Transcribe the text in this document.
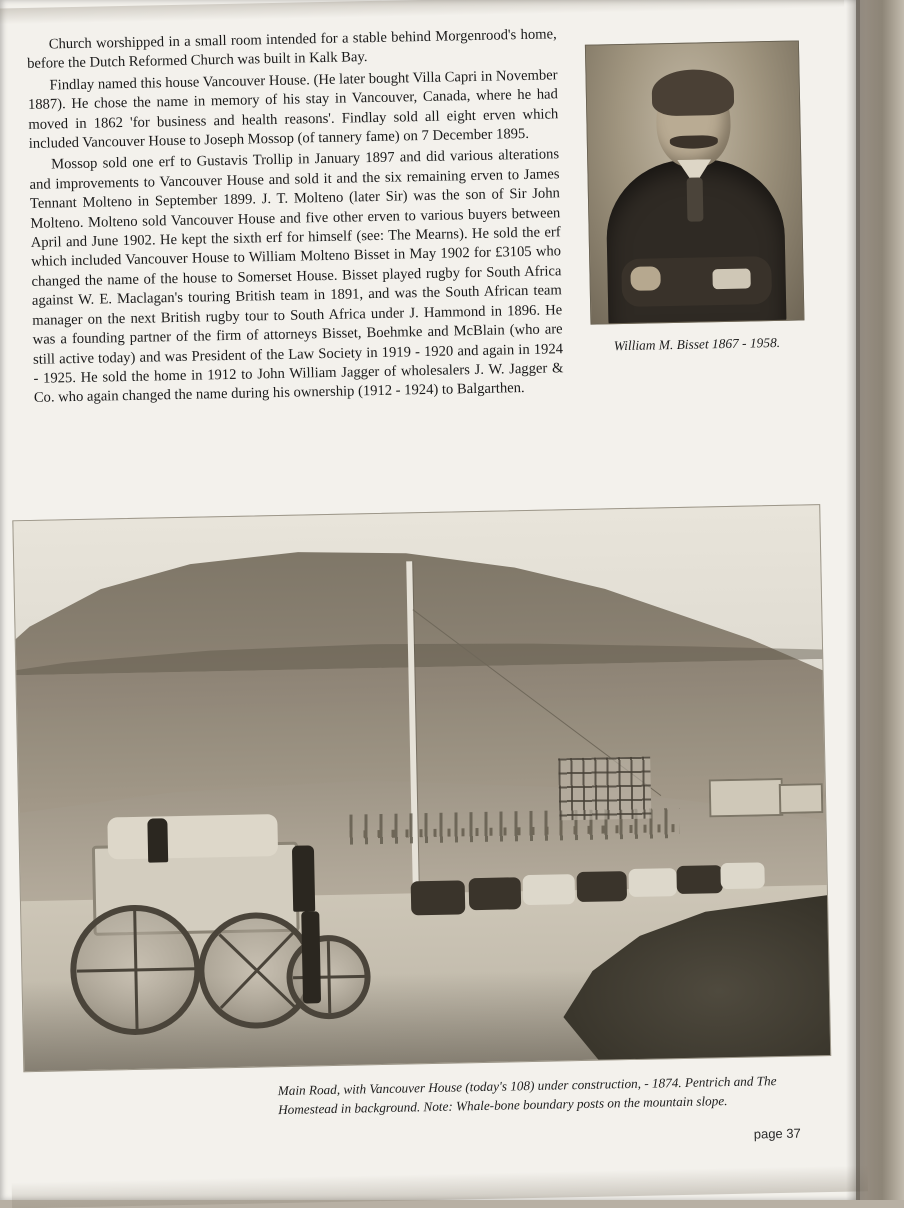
Church worshipped in a small room intended for a stable behind Morgenrood's home, before the Dutch Reformed Church was built in Kalk Bay.

Findlay named this house Vancouver House. (He later bought Villa Capri in November 1887). He chose the name in memory of his stay in Vancouver, Canada, where he had moved in 1862 'for business and health reasons'. Findlay sold all eight erven which included Vancouver House to Joseph Mossop (of tannery fame) on 7 December 1895.

Mossop sold one erf to Gustavis Trollip in January 1897 and did various alterations and improvements to Vancouver House and sold it and the six remaining erven to James Tennant Molteno in September 1899. J. T. Molteno (later Sir) was the son of Sir John Molteno. Molteno sold Vancouver House and five other erven to various buyers between April and June 1902. He kept the sixth erf for himself (see: The Mearns). He sold the erf which included Vancouver House to William Molteno Bisset in May 1902 for £3105 who changed the name of the house to Somerset House. Bisset played rugby for South Africa against W. E. Maclagan's touring British team in 1891, and was the South African team manager on the next British rugby tour to South Africa under J. Hammond in 1896. He was a founding partner of the firm of attorneys Bisset, Boehmke and McBlain (who are still active today) and was President of the Law Society in 1919 - 1920 and again in 1924 - 1925. He sold the home in 1912 to John William Jagger of wholesalers J. W. Jagger & Co. who again changed the name during his ownership (1912 - 1924) to Balgarthen.

William M. Bisset 1867 - 1958.
Main Road, with Vancouver House (today's 108) under construction, - 1874. Pentrich and The Homestead in background. Note: Whale-bone boundary posts on the mountain slope.
page 37
